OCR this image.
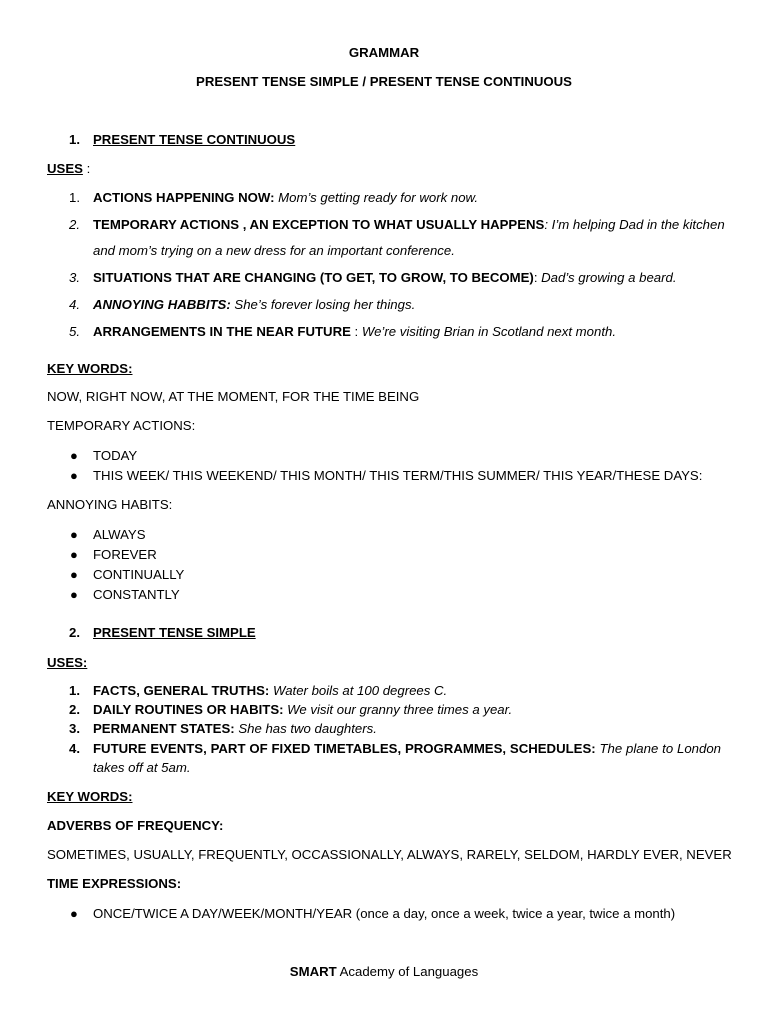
GRAMMAR
PRESENT TENSE SIMPLE / PRESENT TENSE CONTINUOUS
1. PRESENT TENSE CONTINUOUS
USES :
1. ACTIONS HAPPENING NOW: Mom’s getting ready for work now.
2. TEMPORARY ACTIONS , AN EXCEPTION TO WHAT USUALLY HAPPENS: I’m helping Dad in the kitchen
and mom’s trying on a new dress for an important conference.
3. SITUATIONS THAT ARE CHANGING (TO GET, TO GROW, TO BECOME): Dad’s growing a beard.
4. ANNOYING HABBITS: She’s forever losing her things.
5. ARRANGEMENTS IN THE NEAR FUTURE : We’re visiting Brian in Scotland next month.
KEY WORDS:
NOW, RIGHT NOW, AT THE MOMENT, FOR THE TIME BEING
TEMPORARY ACTIONS:
● TODAY
● THIS WEEK/ THIS WEEKEND/ THIS MONTH/ THIS TERM/THIS SUMMER/ THIS YEAR/THESE DAYS:
ANNOYING HABITS:
● ALWAYS
● FOREVER
● CONTINUALLY
● CONSTANTLY
2. PRESENT TENSE SIMPLE
USES:
1. FACTS, GENERAL TRUTHS: Water boils at 100 degrees C.
2. DAILY ROUTINES OR HABITS: We visit our granny three times a year.
3. PERMANENT STATES: She has two daughters.
4. FUTURE EVENTS, PART OF FIXED TIMETABLES, PROGRAMMES, SCHEDULES: The plane to London
takes off at 5am.
KEY WORDS:
ADVERBS OF FREQUENCY:
SOMETIMES, USUALLY, FREQUENTLY, OCCASSIONALLY, ALWAYS, RARELY, SELDOM, HARDLY EVER, NEVER
TIME EXPRESSIONS:
● ONCE/TWICE A DAY/WEEK/MONTH/YEAR (once a day, once a week, twice a year, twice a month)
SMART Academy of Languages
